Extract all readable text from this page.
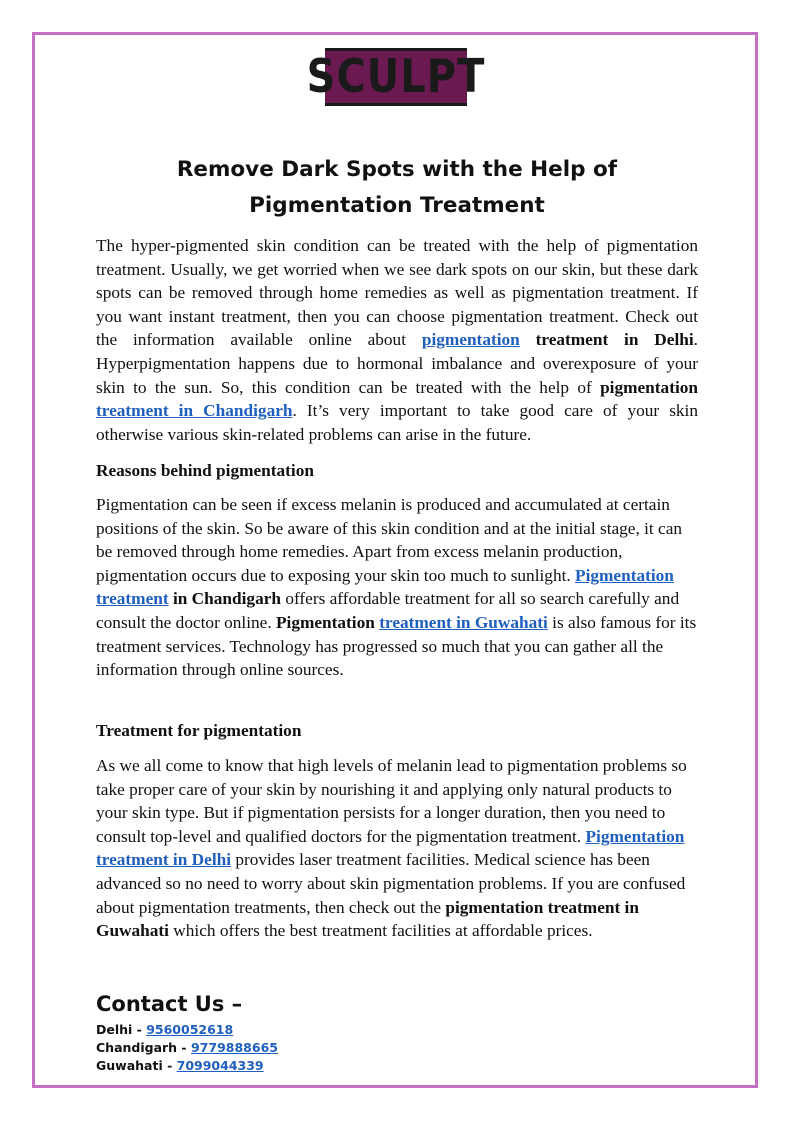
SCULPT
Remove Dark Spots with the Help of Pigmentation Treatment
The hyper-pigmented skin condition can be treated with the help of pigmentation treatment. Usually, we get worried when we see dark spots on our skin, but these dark spots can be removed through home remedies as well as pigmentation treatment. If you want instant treatment, then you can choose pigmentation treatment. Check out the information available online about pigmentation treatment in Delhi. Hyperpigmentation happens due to hormonal imbalance and overexposure of your skin to the sun. So, this condition can be treated with the help of pigmentation treatment in Chandigarh. It’s very important to take good care of your skin otherwise various skin-related problems can arise in the future.
Reasons behind pigmentation
Pigmentation can be seen if excess melanin is produced and accumulated at certain positions of the skin. So be aware of this skin condition and at the initial stage, it can be removed through home remedies. Apart from excess melanin production, pigmentation occurs due to exposing your skin too much to sunlight. Pigmentation treatment in Chandigarh offers affordable treatment for all so search carefully and consult the doctor online. Pigmentation treatment in Guwahati is also famous for its treatment services. Technology has progressed so much that you can gather all the information through online sources.
Treatment for pigmentation
As we all come to know that high levels of melanin lead to pigmentation problems so take proper care of your skin by nourishing it and applying only natural products to your skin type. But if pigmentation persists for a longer duration, then you need to consult top-level and qualified doctors for the pigmentation treatment. Pigmentation treatment in Delhi provides laser treatment facilities. Medical science has been advanced so no need to worry about skin pigmentation problems. If you are confused about pigmentation treatments, then check out the pigmentation treatment in Guwahati which offers the best treatment facilities at affordable prices.
Contact Us –
Delhi - 9560052618
Chandigarh - 9779888665
Guwahati - 7099044339
